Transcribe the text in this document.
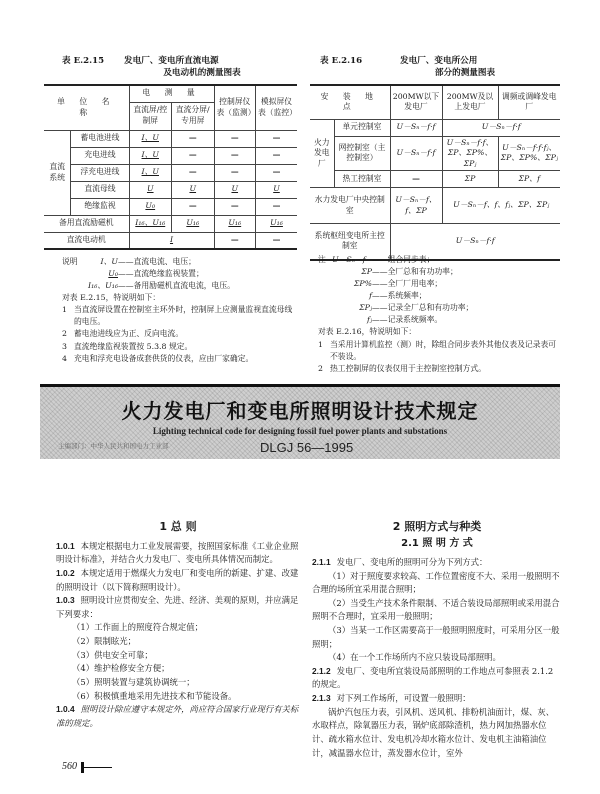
表 E.2.15 发电厂、变电所直流电源
及电动机的测量图表
单 位 名 称		电 测 量		控制屏仪表（监测）	模拟屏仪表（监控）
		直流屏/控制屏	直流分屏/专用屏		
直流系统	蓄电池进线	I、U	—	—	—
	充电进线	I、U	—	—	—
	浮充电进线	I、U	—	—	—
	直流母线	U	U	U	U
	绝缘监视	U₀	—	—	—
备用直流励磁机		I₁₆、U₁₆	U₁₆	U₁₆	U₁₆
直流电动机		I		—	—
说明	I、U ——直流电流、电压；
U₀ ——直流绝缘监视装置；
I₁₆、U₁₆ ——备用励磁机直流电流，电压。
对表 E.2.15，特说明如下：
1 当直流屏设置在控制室主环外时，控制屏上应测量监视直流母线的电压。
2 蓄电池进线应为正、反向电流。
3 直流绝缘监视装置按 5.3.8 规定。
4 充电和浮充电设备成套供货的仪表，应由厂家确定。
表 E.2.16	发电厂、变电所公用
部分的测量图表
安 装 地 点		200MW以下发电厂	200MW及以上发电厂	调频或调峰发电厂
火力发电厂	单元控制室	U－Sₙ－f·f	U－Sₙ－f·f	
	网控制室（主控制室）	U－Sₙ－f·f	U－Sₙ－f·f、ΣP、ΣP%、ΣPⱼ	U－Sₙ－f·f·fⱼ、ΣP、ΣP%、ΣPⱼ
	热工控制室	—	ΣP	ΣP、f
水力发电厂中央控制室		U－Sₙ－f、f、ΣP	U－Sₙ－f、f、fⱼ、ΣP、ΣPⱼ	
系统枢纽变电所主控制室		U－Sₙ－f·f		
注 U－Sₙ－f ——组合同步表；
ΣP ——全厂总和有功功率；
ΣP% ——全厂厂用电率；
f ——系统频率；
ΣPⱼ ——记录全厂总和有功功率；
fⱼ ——记录系统频率。
对表 E.2.16，特说明如下：
1 当采用计算机监控（测）时，除组合同步表外其他仪表及记录表可不装设。
2 热工控制屏的仪表仅用于主控制室控制方式。
火力发电厂和变电所照明设计技术规定
Lighting technical code for designing fossil fuel power plants and substations
主编部门：中华人民共和国电力工业部	DLGJ 56—1995
1 总 则
1.0.1 本规定根据电力工业发展需要，按照国家标准《工业企业照明设计标准》，并结合火力发电厂、变电所具体情况而制定。
1.0.2 本规定适用于燃煤火力发电厂和变电所的新建、扩建、改建的照明设计（以下简称照明设计）。
1.0.3 照明设计应贯彻安全、先进、经济、美观的原则，并应满足下列要求：
（1）工作面上的照度符合规定值；
（2）限制眩光；
（3）供电安全可靠；
（4）维护检修安全方便；
（5）照明装置与建筑协调统一；
（6）积极慎重地采用先进技术和节能设备。
1.0.4 照明设计除应遵守本规定外，尚应符合国家行业现行有关标准的规定。
2 照明方式与种类
2.1 照 明 方 式
2.1.1 发电厂、变电所的照明可分为下列方式：
（1）对于照度要求较高、工作位置密度不大、采用一般照明不合理的场所宜采用混合照明；
（2）当受生产技术条件限制、不适合装设局部照明或采用混合照明不合理时，宜采用一般照明；
（3）当某一工作区需要高于一般照明照度时，可采用分区一般照明；
（4）在一个工作场所内不应只装设局部照明。
2.1.2 发电厂、变电所宜装设局部照明的工作地点可参照表 2.1.2 的规定。
2.1.3 对下列工作场所，可设置一般照明：
锅炉汽包压力表，引风机、送风机、排粉机油面计，煤、灰、水取样点，除氧器压力表，锅炉底部除渣机，热力网加热器水位计、疏水箱水位计、发电机冷却水箱水位计、发电机主油箱油位计，减温器水位计，蒸发器水位计，室外
560
